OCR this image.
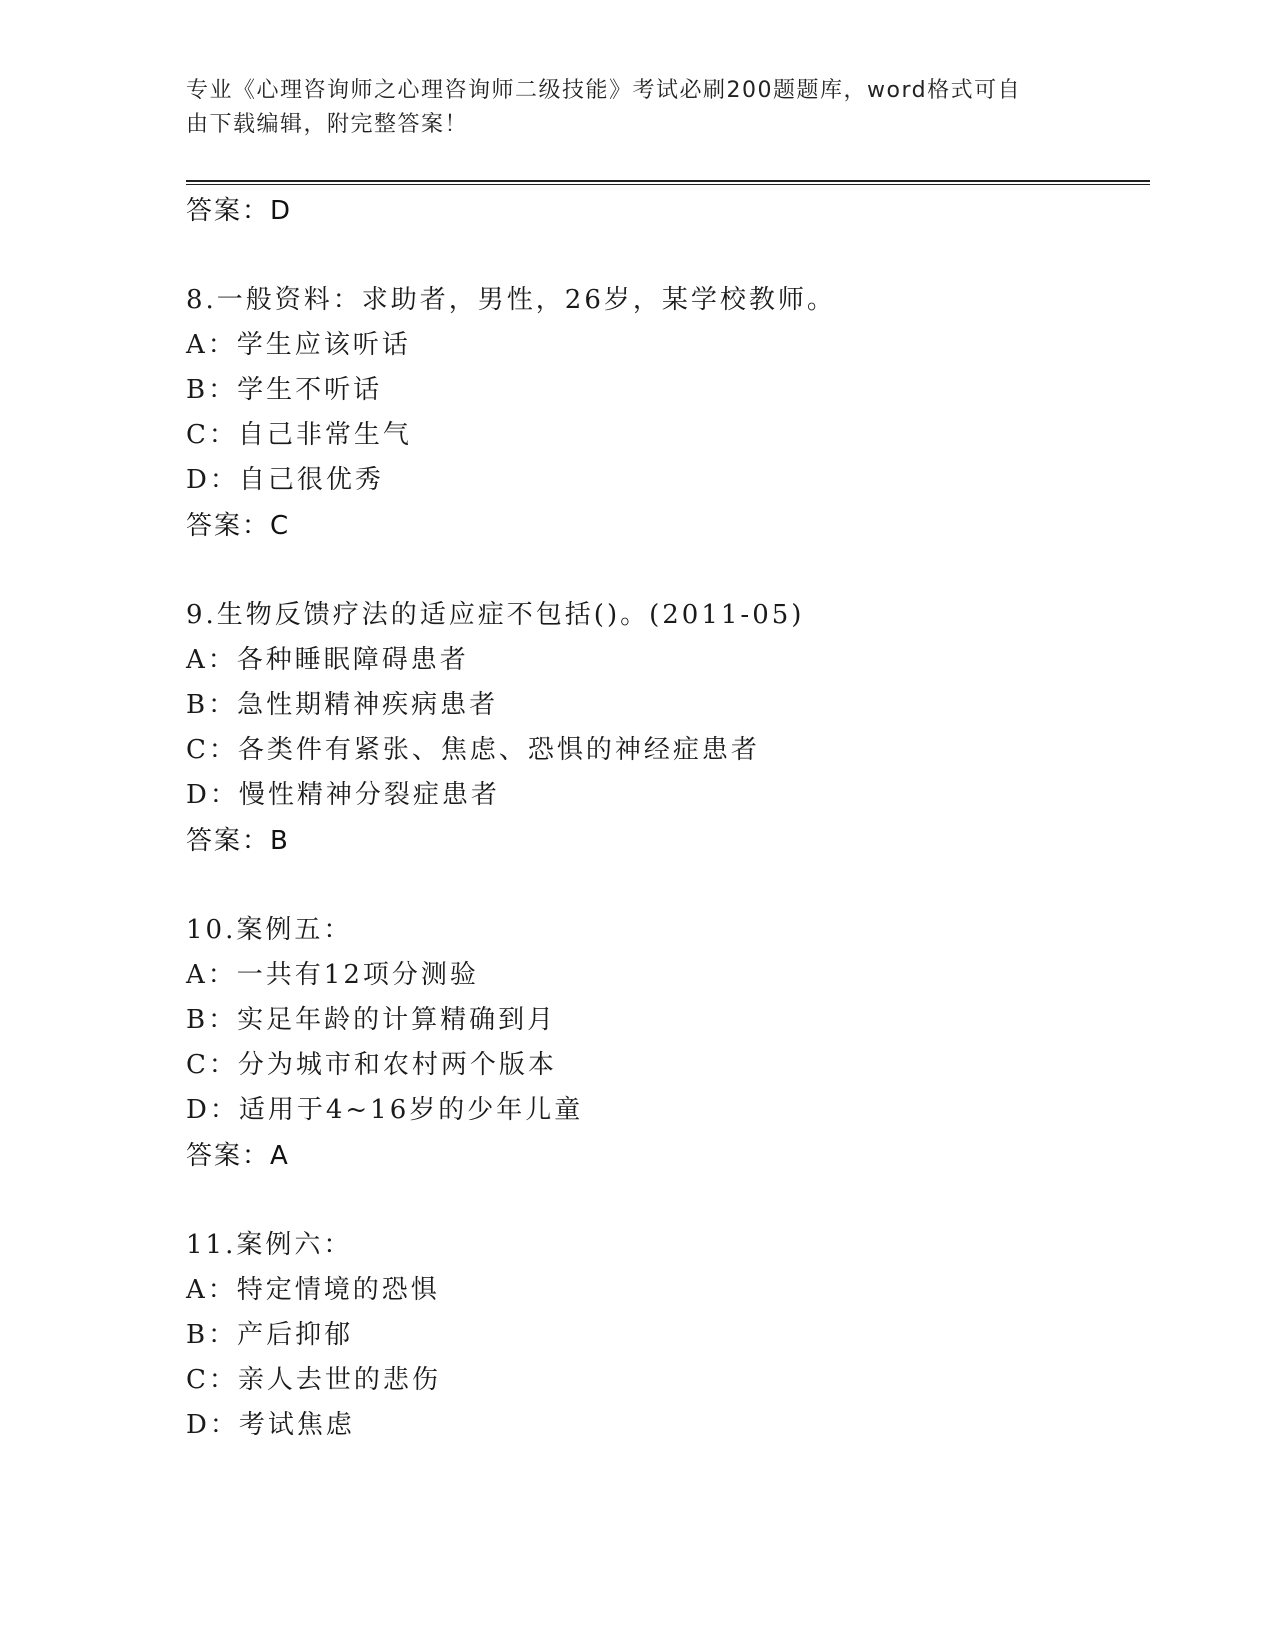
专业《心理咨询师之心理咨询师二级技能》考试必刷200题题库，word格式可自
由下载编辑，附完整答案！
答案：D
8.一般资料：求助者，男性，26岁，某学校教师。
A：学生应该听话
B：学生不听话
C：自己非常生气
D：自己很优秀
答案：C
9.生物反馈疗法的适应症不包括()。(2011-05)
A：各种睡眠障碍患者
B：急性期精神疾病患者
C：各类件有紧张、焦虑、恐惧的神经症患者
D：慢性精神分裂症患者
答案：B
10.案例五：
A：一共有12项分测验
B：实足年龄的计算精确到月
C：分为城市和农村两个版本
D：适用于4~16岁的少年儿童
答案：A
11.案例六：
A：特定情境的恐惧
B：产后抑郁
C：亲人去世的悲伤
D：考试焦虑
